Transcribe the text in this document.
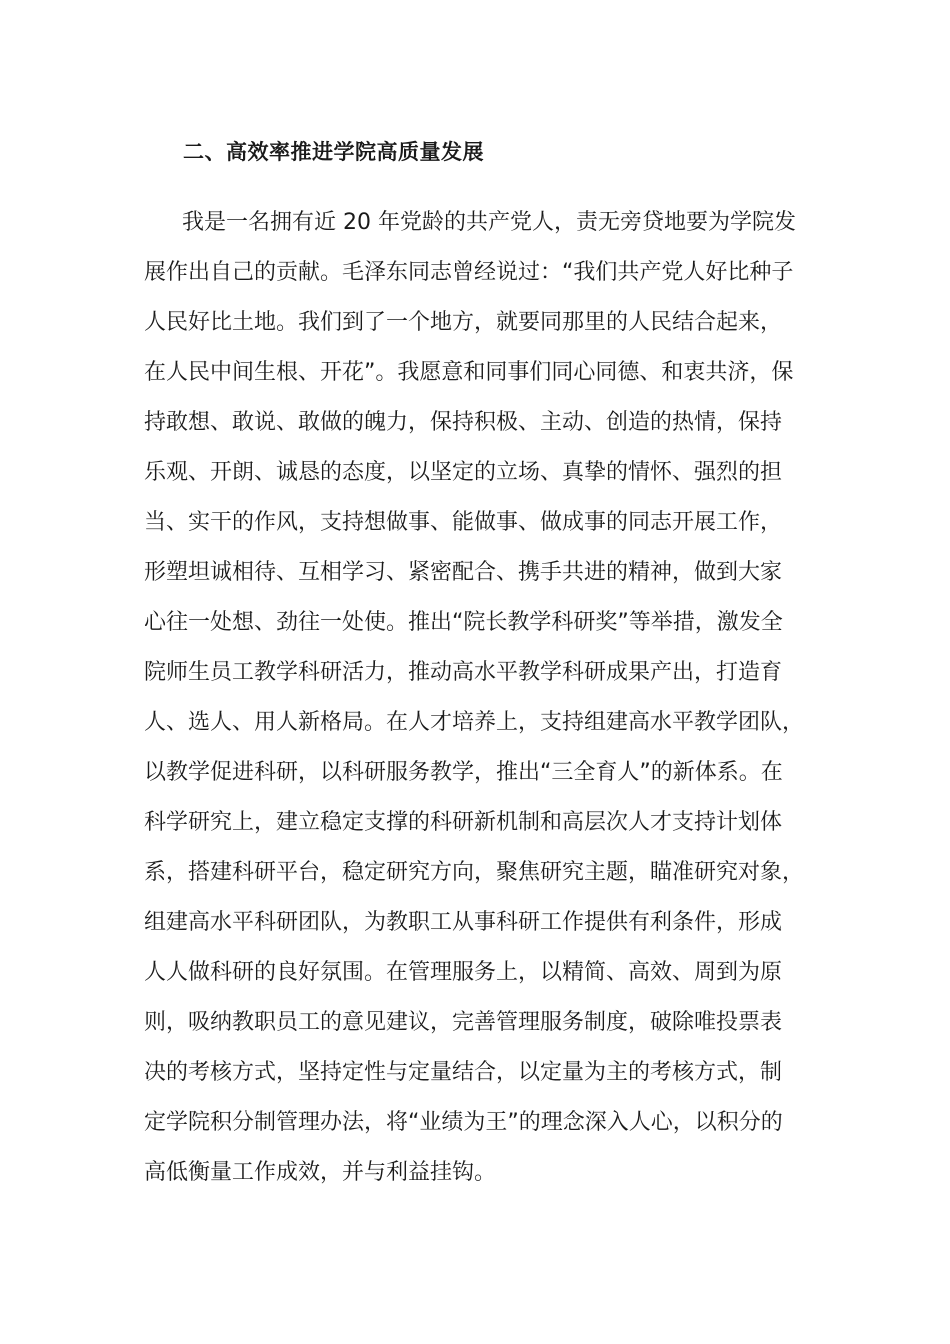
二、高效率推进学院高质量发展
我是一名拥有近 20 年党龄的共产党人，责无旁贷地要为学院发
展作出自己的贡献。毛泽东同志曾经说过：“我们共产党人好比种子
人民好比土地。我们到了一个地方，就要同那里的人民结合起来，
在人民中间生根、开花”。我愿意和同事们同心同德、和衷共济，保
持敢想、敢说、敢做的魄力，保持积极、主动、创造的热情，保持
乐观、开朗、诚恳的态度，以坚定的立场、真挚的情怀、强烈的担
当、实干的作风，支持想做事、能做事、做成事的同志开展工作，
形塑坦诚相待、互相学习、紧密配合、携手共进的精神，做到大家
心往一处想、劲往一处使。推出“院长教学科研奖”等举措，激发全
院师生员工教学科研活力，推动高水平教学科研成果产出，打造育
人、选人、用人新格局。在人才培养上，支持组建高水平教学团队，
以教学促进科研，以科研服务教学，推出“三全育人”的新体系。在
科学研究上，建立稳定支撑的科研新机制和高层次人才支持计划体
系，搭建科研平台，稳定研究方向，聚焦研究主题，瞄准研究对象，
组建高水平科研团队，为教职工从事科研工作提供有利条件，形成
人人做科研的良好氛围。在管理服务上，以精简、高效、周到为原
则，吸纳教职员工的意见建议，完善管理服务制度，破除唯投票表
决的考核方式，坚持定性与定量结合，以定量为主的考核方式，制
定学院积分制管理办法，将“业绩为王”的理念深入人心，以积分的
高低衡量工作成效，并与利益挂钩。
